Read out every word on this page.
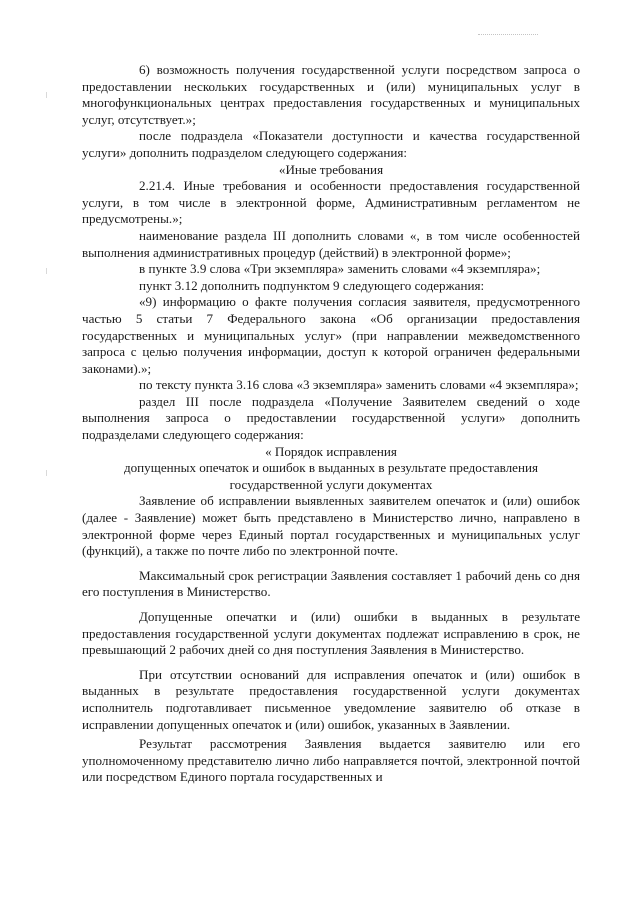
6) возможность получения государственной услуги посредством запроса о предоставлении нескольких государственных и (или) муниципальных услуг в многофункциональных центрах предоставления государственных и муниципальных услуг, отсутствует.»;

после подраздела «Показатели доступности и качества государственной услуги» дополнить подразделом следующего содержания:

«Иные требования

2.21.4. Иные требования и особенности предоставления государственной услуги, в том числе в электронной форме, Административным регламентом не предусмотрены.»;

наименование раздела III дополнить словами «, в том числе особенностей выполнения административных процедур (действий) в электронной форме»;

в пункте 3.9 слова «Три экземпляра» заменить словами «4 экземпляра»;

пункт 3.12 дополнить подпунктом 9 следующего содержания:

«9) информацию о факте получения согласия заявителя, предусмотренного частью 5 статьи 7 Федерального закона «Об организации предоставления государственных и муниципальных услуг» (при направлении межведомственного запроса с целью получения информации, доступ к которой ограничен федеральными законами).»;

по тексту пункта 3.16 слова «3 экземпляра» заменить словами «4 экземпляра»;

раздел III после подраздела «Получение Заявителем сведений о ходе выполнения запроса о предоставлении государственной услуги» дополнить подразделами следующего содержания:

« Порядок исправления

допущенных опечаток и ошибок в выданных в результате предоставления

государственной услуги документах

Заявление об исправлении выявленных заявителем опечаток и (или) ошибок (далее - Заявление) может быть представлено в Министерство лично, направлено в электронной форме через Единый портал государственных и муниципальных услуг (функций), а также по почте либо по электронной почте.

Максимальный срок регистрации Заявления составляет 1 рабочий день со дня его поступления в Министерство.

Допущенные опечатки и (или) ошибки в выданных в результате предоставления государственной услуги документах подлежат исправлению в срок, не превышающий 2 рабочих дней со дня поступления Заявления в Министерство.

При отсутствии оснований для исправления опечаток и (или) ошибок в выданных в результате предоставления государственной услуги документах исполнитель подготавливает письменное уведомление заявителю об отказе в исправлении допущенных опечаток и (или) ошибок, указанных в Заявлении.

Результат рассмотрения Заявления выдается заявителю или его уполномоченному представителю лично либо направляется почтой, электронной почтой или посредством Единого портала государственных и
